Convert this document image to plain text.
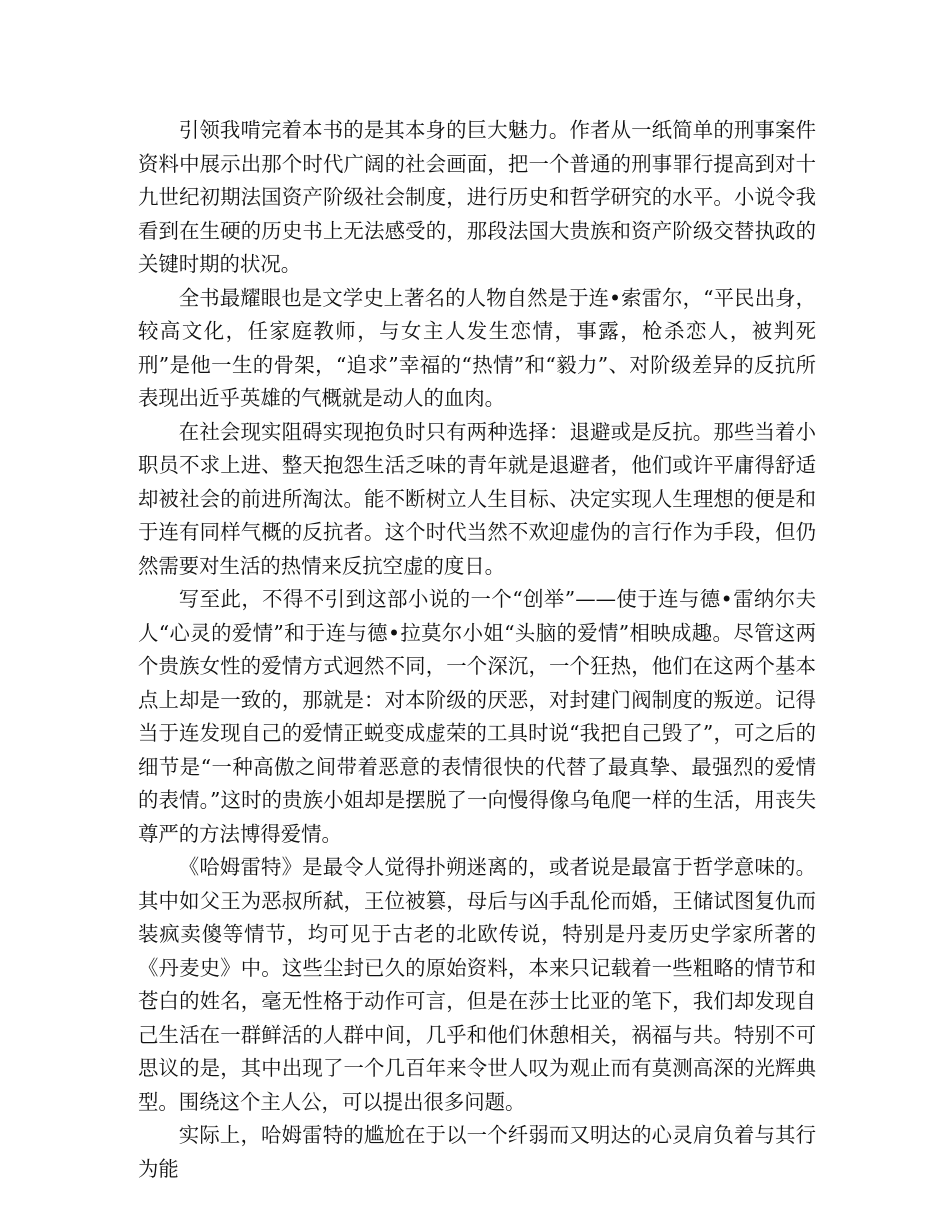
引领我啃完着本书的是其本身的巨大魅力。作者从一纸简单的刑事案件资料中展示出那个时代广阔的社会画面，把一个普通的刑事罪行提高到对十九世纪初期法国资产阶级社会制度，进行历史和哲学研究的水平。小说令我看到在生硬的历史书上无法感受的，那段法国大贵族和资产阶级交替执政的关键时期的状况。

全书最耀眼也是文学史上著名的人物自然是于连•索雷尔，“平民出身，较高文化，任家庭教师，与女主人发生恋情，事露，枪杀恋人，被判死刑”是他一生的骨架，“追求”幸福的“热情”和“毅力”、对阶级差异的反抗所表现出近乎英雄的气概就是动人的血肉。

在社会现实阻碍实现抱负时只有两种选择：退避或是反抗。那些当着小职员不求上进、整天抱怨生活乏味的青年就是退避者，他们或许平庸得舒适却被社会的前进所淘汰。能不断树立人生目标、决定实现人生理想的便是和于连有同样气概的反抗者。这个时代当然不欢迎虚伪的言行作为手段，但仍然需要对生活的热情来反抗空虚的度日。

写至此，不得不引到这部小说的一个“创举”——使于连与德•雷纳尔夫人“心灵的爱情”和于连与德•拉莫尔小姐“头脑的爱情”相映成趣。尽管这两个贵族女性的爱情方式迥然不同，一个深沉，一个狂热，他们在这两个基本点上却是一致的，那就是：对本阶级的厌恶，对封建门阀制度的叛逆。记得当于连发现自己的爱情正蜕变成虚荣的工具时说“我把自己毁了”，可之后的细节是“一种高傲之间带着恶意的表情很快的代替了最真挚、最强烈的爱情的表情。”这时的贵族小姐却是摆脱了一向慢得像乌龟爬一样的生活，用丧失尊严的方法博得爱情。

《哈姆雷特》是最令人觉得扑朔迷离的，或者说是最富于哲学意味的。其中如父王为恶叔所弑，王位被篡，母后与凶手乱伦而婚，王储试图复仇而装疯卖傻等情节，均可见于古老的北欧传说，特别是丹麦历史学家所著的《丹麦史》中。这些尘封已久的原始资料，本来只记载着一些粗略的情节和苍白的姓名，毫无性格于动作可言，但是在莎士比亚的笔下，我们却发现自己生活在一群鲜活的人群中间，几乎和他们休憩相关，祸福与共。特别不可思议的是，其中出现了一个几百年来令世人叹为观止而有莫测高深的光辉典型。围绕这个主人公，可以提出很多问题。

实际上，哈姆雷特的尴尬在于以一个纤弱而又明达的心灵肩负着与其行为能
